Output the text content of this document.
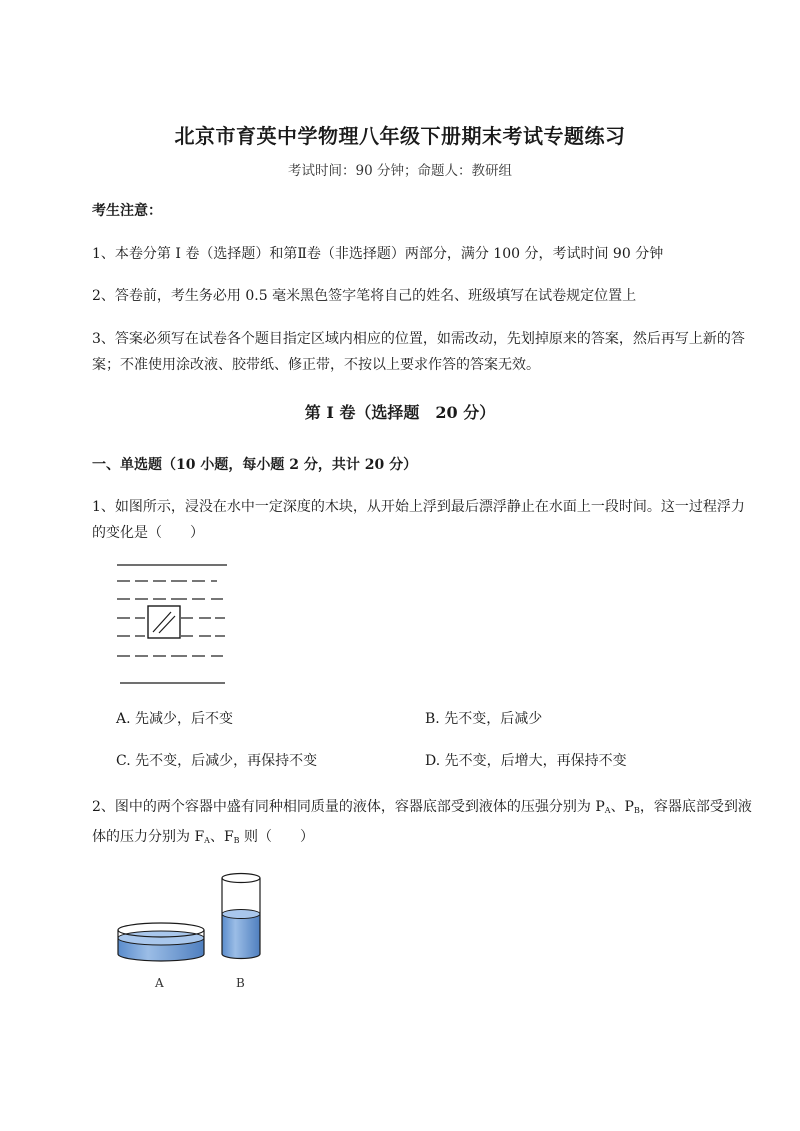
北京市育英中学物理八年级下册期末考试专题练习
考试时间：90 分钟；命题人：教研组
考生注意：
1、本卷分第 I 卷（选择题）和第Ⅱ卷（非选择题）两部分，满分 100 分，考试时间 90 分钟
2、答卷前，考生务必用 0.5 毫米黑色签字笔将自己的姓名、班级填写在试卷规定位置上
3、答案必须写在试卷各个题目指定区域内相应的位置，如需改动，先划掉原来的答案，然后再写上新的答案；不准使用涂改液、胶带纸、修正带，不按以上要求作答的答案无效。
第 I 卷（选择题　20 分）
一、单选题（10 小题，每小题 2 分，共计 20 分）
1、如图所示，浸没在水中一定深度的木块，从开始上浮到最后漂浮静止在水面上一段时间。这一过程浮力的变化是（　　）
A. 先减少，后不变	B. 先不变，后减少
C. 先不变，后减少，再保持不变	D. 先不变，后增大，再保持不变
2、图中的两个容器中盛有同种相同质量的液体，容器底部受到液体的压强分别为 $P_A$、$P_B$，容器底部受到液体的压力分别为 $F_A$、$F_B$ 则（　　）
A	B
